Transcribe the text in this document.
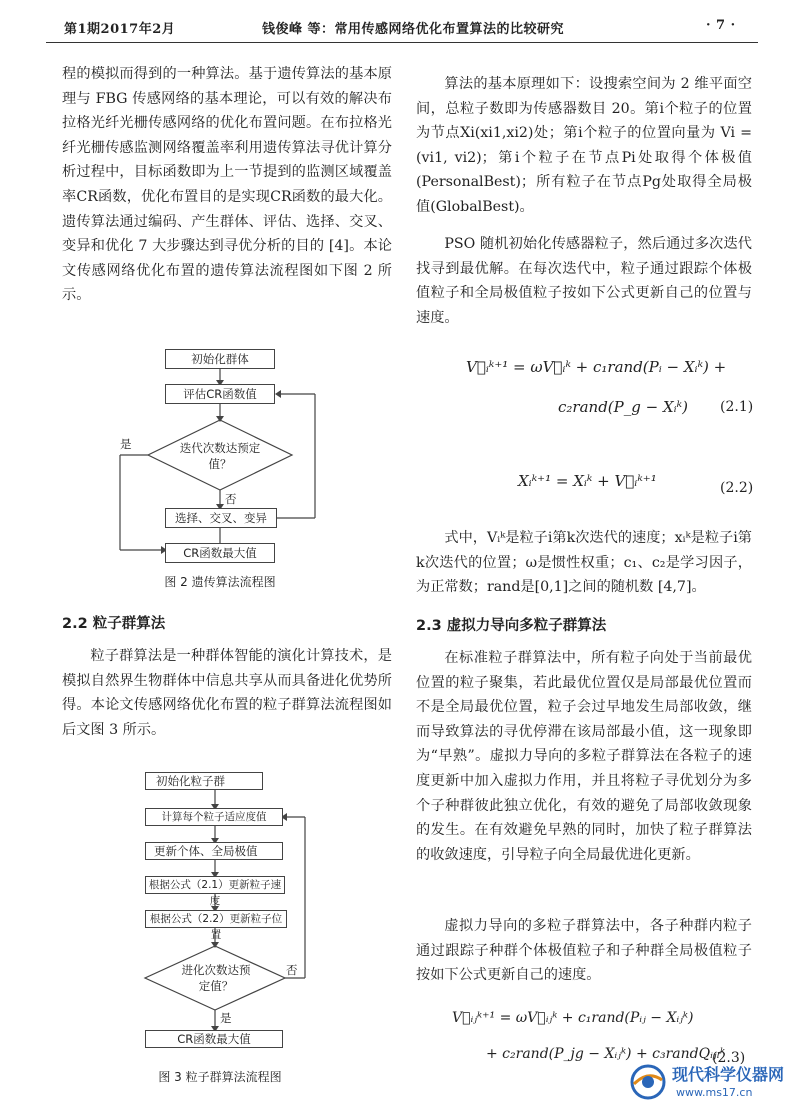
第1期2017年2月	钱俊峰 等：常用传感网络优化布置算法的比较研究	· 7 ·

程的模拟而得到的一种算法。基于遗传算法的基本原理与 FBG 传感网络的基本理论，可以有效的解决布拉格光纤光栅传感网络的优化布置问题。在布拉格光纤光栅传感监测网络覆盖率利用遗传算法寻优计算分析过程中，目标函数即为上一节提到的监测区域覆盖率CR函数，优化布置目的是实现CR函数的最大化。遗传算法通过编码、产生群体、评估、选择、交叉、变异和优化 7 大步骤达到寻优分析的目的 [4]。本论文传感网络优化布置的遗传算法流程图如下图 2 所示。

初始化群体
评估CR函数值
迭代次数达预定值？
是
否
选择、交叉、变异
CR函数最大值
图 2 遗传算法流程图
2.2 粒子群算法

粒子群算法是一种群体智能的演化计算技术，是模拟自然界生物群体中信息共享从而具备进化优势所得。本论文传感网络优化布置的粒子群算法流程图如后文图 3 所示。

初始化粒子群
计算每个粒子适应度值
更新个体、全局极值
根据公式（2.1）更新粒子速度
根据公式（2.2）更新粒子位置
进化次数达预定值？
否
是
CR函数最大值
图 3 粒子群算法流程图

算法的基本原理如下：设搜索空间为 2 维平面空间，总粒子数即为传感器数目 20。第i个粒子的位置为节点Xi(xi1,xi2)处；第i个粒子的位置向量为 Vi = (vi1, vi2)；第i个粒子在节点Pi处取得个体极值(PersonalBest)；所有粒子在节点Pg处取得全局极值(GlobalBest)。

PSO 随机初始化传感器粒子，然后通过多次迭代找寻到最优解。在每次迭代中，粒子通过跟踪个体极值粒子和全局极值粒子按如下公式更新自己的位置与速度。

V⃗ᵢᵏ⁺¹ = ωV⃗ᵢᵏ + c₁rand(Pᵢ − Xᵢᵏ) +
c₂rand(P_g − Xᵢᵏ) (2.1)
Xᵢᵏ⁺¹ = Xᵢᵏ + V⃗ᵢᵏ⁺¹	(2.2)

式中，Vᵢᵏ是粒子i第k次迭代的速度；xᵢᵏ是粒子i第k次迭代的位置；ω是惯性权重；c₁、c₂是学习因子，为正常数；rand是[0,1]之间的随机数 [4,7]。

2.3 虚拟力导向多粒子群算法

在标准粒子群算法中，所有粒子向处于当前最优位置的粒子聚集，若此最优位置仅是局部最优位置而不是全局最优位置，粒子会过早地发生局部收敛，继而导致算法的寻优停滞在该局部最小值，这一现象即为“早熟”。虚拟力导向的多粒子群算法在各粒子的速度更新中加入虚拟力作用，并且将粒子寻优划分为多个子种群彼此独立优化，有效的避免了局部收敛现象的发生。在有效避免早熟的同时，加快了粒子群算法的收敛速度，引导粒子向全局最优进化更新。

虚拟力导向的多粒子群算法中，各子种群内粒子通过跟踪子种群个体极值粒子和子种群全局极值粒子按如下公式更新自己的速度。

V⃗ᵢⱼᵏ⁺¹ = ωV⃗ᵢⱼᵏ + c₁rand(Pᵢⱼ − Xᵢⱼᵏ)
+ c₂rand(P_jg − Xᵢⱼᵏ) + c₃randQᵢⱼₗᵏ
(2.3)
现代科学仪器网
www.ms17.cn
